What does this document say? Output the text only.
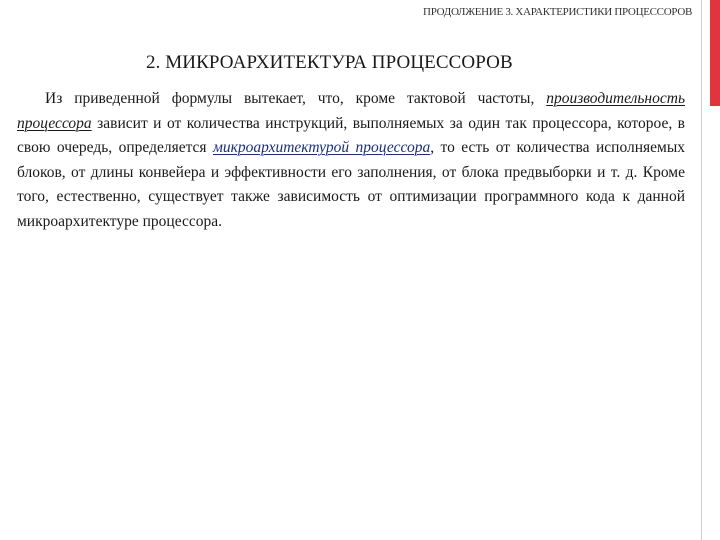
ПРОДОЛЖЕНИЕ 3. ХАРАКТЕРИСТИКИ ПРОЦЕССОРОВ
2. МИКРОАРХИТЕКТУРА ПРОЦЕССОРОВ

Из приведенной формулы вытекает, что, кроме тактовой частоты, производительность процессора зависит и от количества инструкций, выполняемых за один так процессора, которое, в свою очередь, определяется микроархитектурой процессора, то есть от количества исполняемых блоков, от длины конвейера и эффективности его заполнения, от блока предвыборки и т. д. Кроме того, естественно, существует также зависимость от оптимизации программного кода к данной микроархитектуре процессора.
